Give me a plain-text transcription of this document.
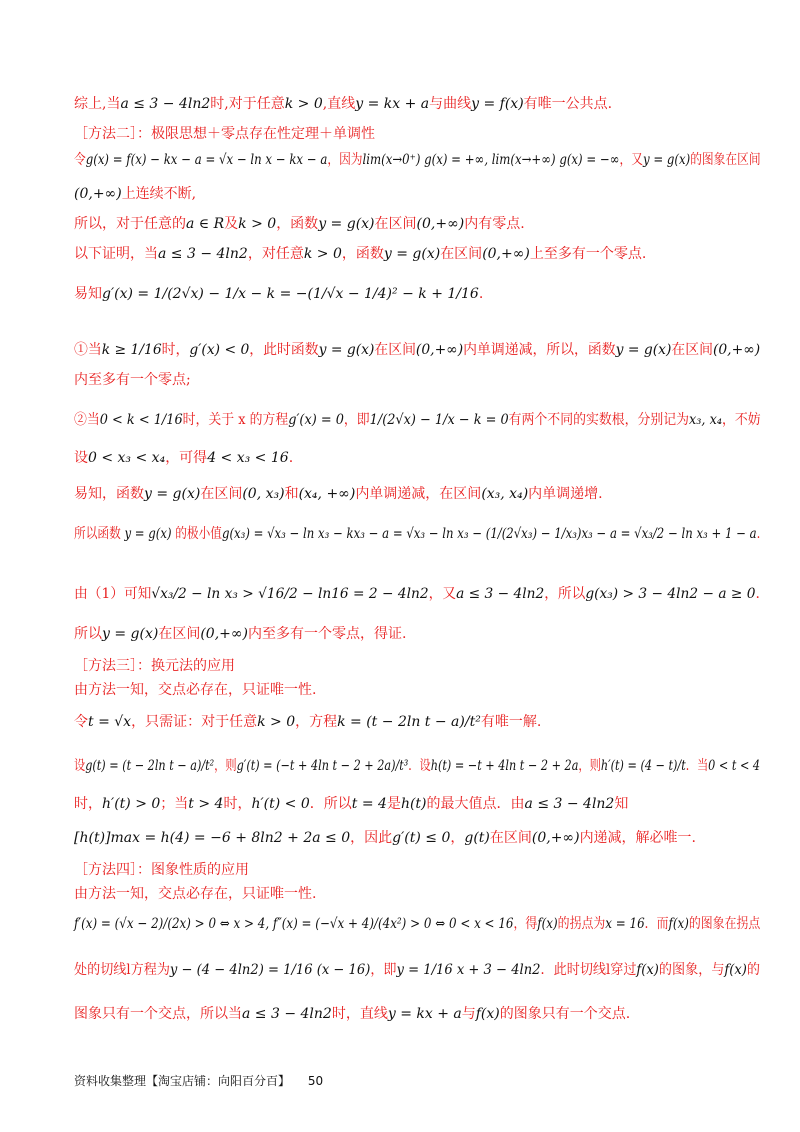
综上,当a ≤ 3 − 4ln2时,对于任意k > 0,直线y = kx + a与曲线y = f(x)有唯一公共点.
［方法二］：极限思想＋零点存在性定理＋单调性
令g(x) = f(x) − kx − a = √x − ln x − kx − a，因为lim(x→0⁺) g(x) = +∞, lim(x→+∞) g(x) = −∞，又y = g(x)的图象在区间
(0,+∞)上连续不断,
所以，对于任意的a ∈ R及k > 0，函数y = g(x)在区间(0,+∞)内有零点.
以下证明，当a ≤ 3 − 4ln2，对任意k > 0，函数y = g(x)在区间(0,+∞)上至多有一个零点.
易知g′(x) = 1/(2√x) − 1/x − k = −(1/√x − 1/4)² − k + 1/16.
①当k ≥ 1/16时，g′(x) < 0，此时函数y = g(x)在区间(0,+∞)内单调递减，所以，函数y = g(x)在区间(0,+∞)
内至多有一个零点;
②当0 < k < 1/16时，关于 x 的方程g′(x) = 0，即1/(2√x) − 1/x − k = 0有两个不同的实数根，分别记为x₃, x₄，不妨
设0 < x₃ < x₄，可得4 < x₃ < 16.
易知，函数y = g(x)在区间(0, x₃)和(x₄, +∞)内单调递减，在区间(x₃, x₄)内单调递增.
所以函数 y = g(x) 的极小值g(x₃) = √x₃ − ln x₃ − kx₃ − a = √x₃ − ln x₃ − (1/(2√x₃) − 1/x₃)x₃ − a = √x₃/2 − ln x₃ + 1 − a.
由（1）可知√x₃/2 − ln x₃ > √16/2 − ln16 = 2 − 4ln2，又a ≤ 3 − 4ln2，所以g(x₃) > 3 − 4ln2 − a ≥ 0.
所以y = g(x)在区间(0,+∞)内至多有一个零点，得证.
［方法三］：换元法的应用
由方法一知，交点必存在，只证唯一性.
令t = √x，只需证：对于任意k > 0，方程k = (t − 2ln t − a)/t²有唯一解.
设g(t) = (t − 2ln t − a)/t²，则g′(t) = (−t + 4ln t − 2 + 2a)/t³．设h(t) = −t + 4ln t − 2 + 2a，则h′(t) = (4 − t)/t．当0 < t < 4
时，h′(t) > 0；当t > 4时，h′(t) < 0．所以t = 4是h(t)的最大值点．由a ≤ 3 − 4ln2知
[h(t)]max = h(4) = −6 + 8ln2 + 2a ≤ 0，因此g′(t) ≤ 0，g(t)在区间(0,+∞)内递减，解必唯一.
［方法四］：图象性质的应用
由方法一知，交点必存在，只证唯一性.
f′(x) = (√x − 2)/(2x) > 0 ⇔ x > 4, f″(x) = (−√x + 4)/(4x²) > 0 ⇔ 0 < x < 16，得f(x)的拐点为x = 16．而f(x)的图象在拐点
处的切线l方程为y − (4 − 4ln2) = 1/16 (x − 16)，即y = 1/16 x + 3 − 4ln2．此时切线l穿过f(x)的图象，与f(x)的
图象只有一个交点，所以当a ≤ 3 − 4ln2时，直线y = kx + a与f(x)的图象只有一个交点.
资料收集整理【淘宝店铺：向阳百分百】 50
